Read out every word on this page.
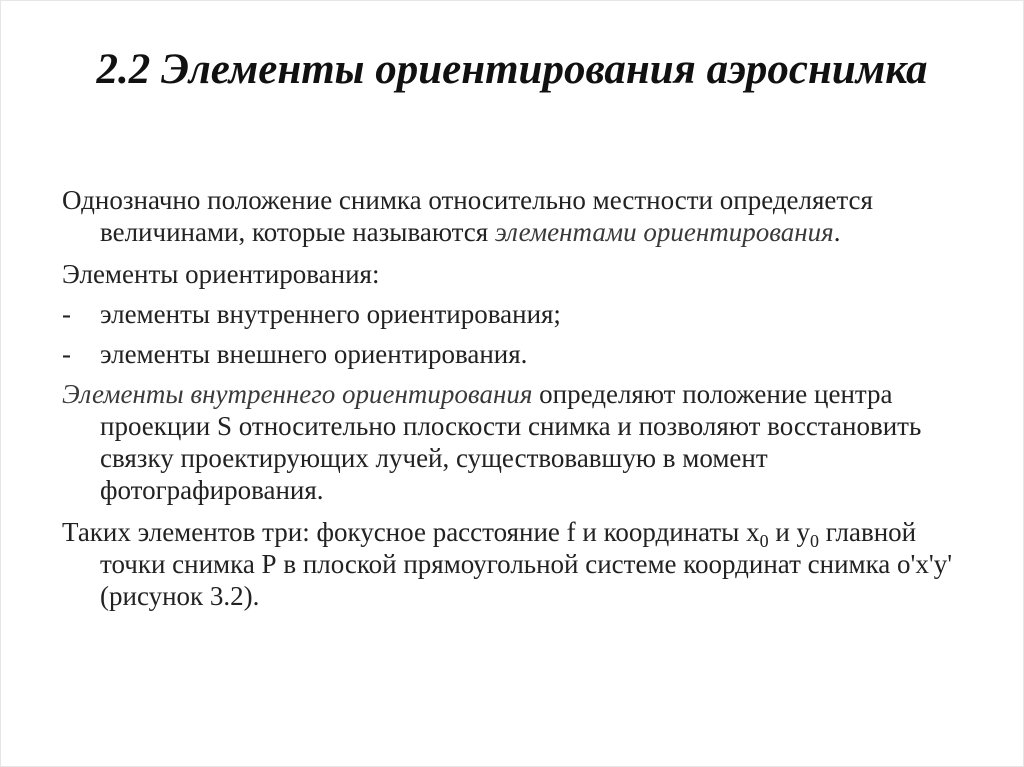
2.2 Элементы ориентирования аэроснимка

Однозначно положение снимка относительно местности определяется величинами, которые называются элементами ориентирования.

Элементы ориентирования:

-	элементы внутреннего ориентирования;
-	элементы внешнего ориентирования.

Элементы внутреннего ориентирования определяют положение центра проекции S относительно плоскости снимка и позволяют восстановить связку проектирующих лучей, существовавшую в момент фотографирования.

Таких элементов три: фокусное расстояние f и координаты $x_0$ и $y_0$ главной точки снимка Р в плоской прямоугольной системе координат снимка o'x'y' (рисунок 3.2).
